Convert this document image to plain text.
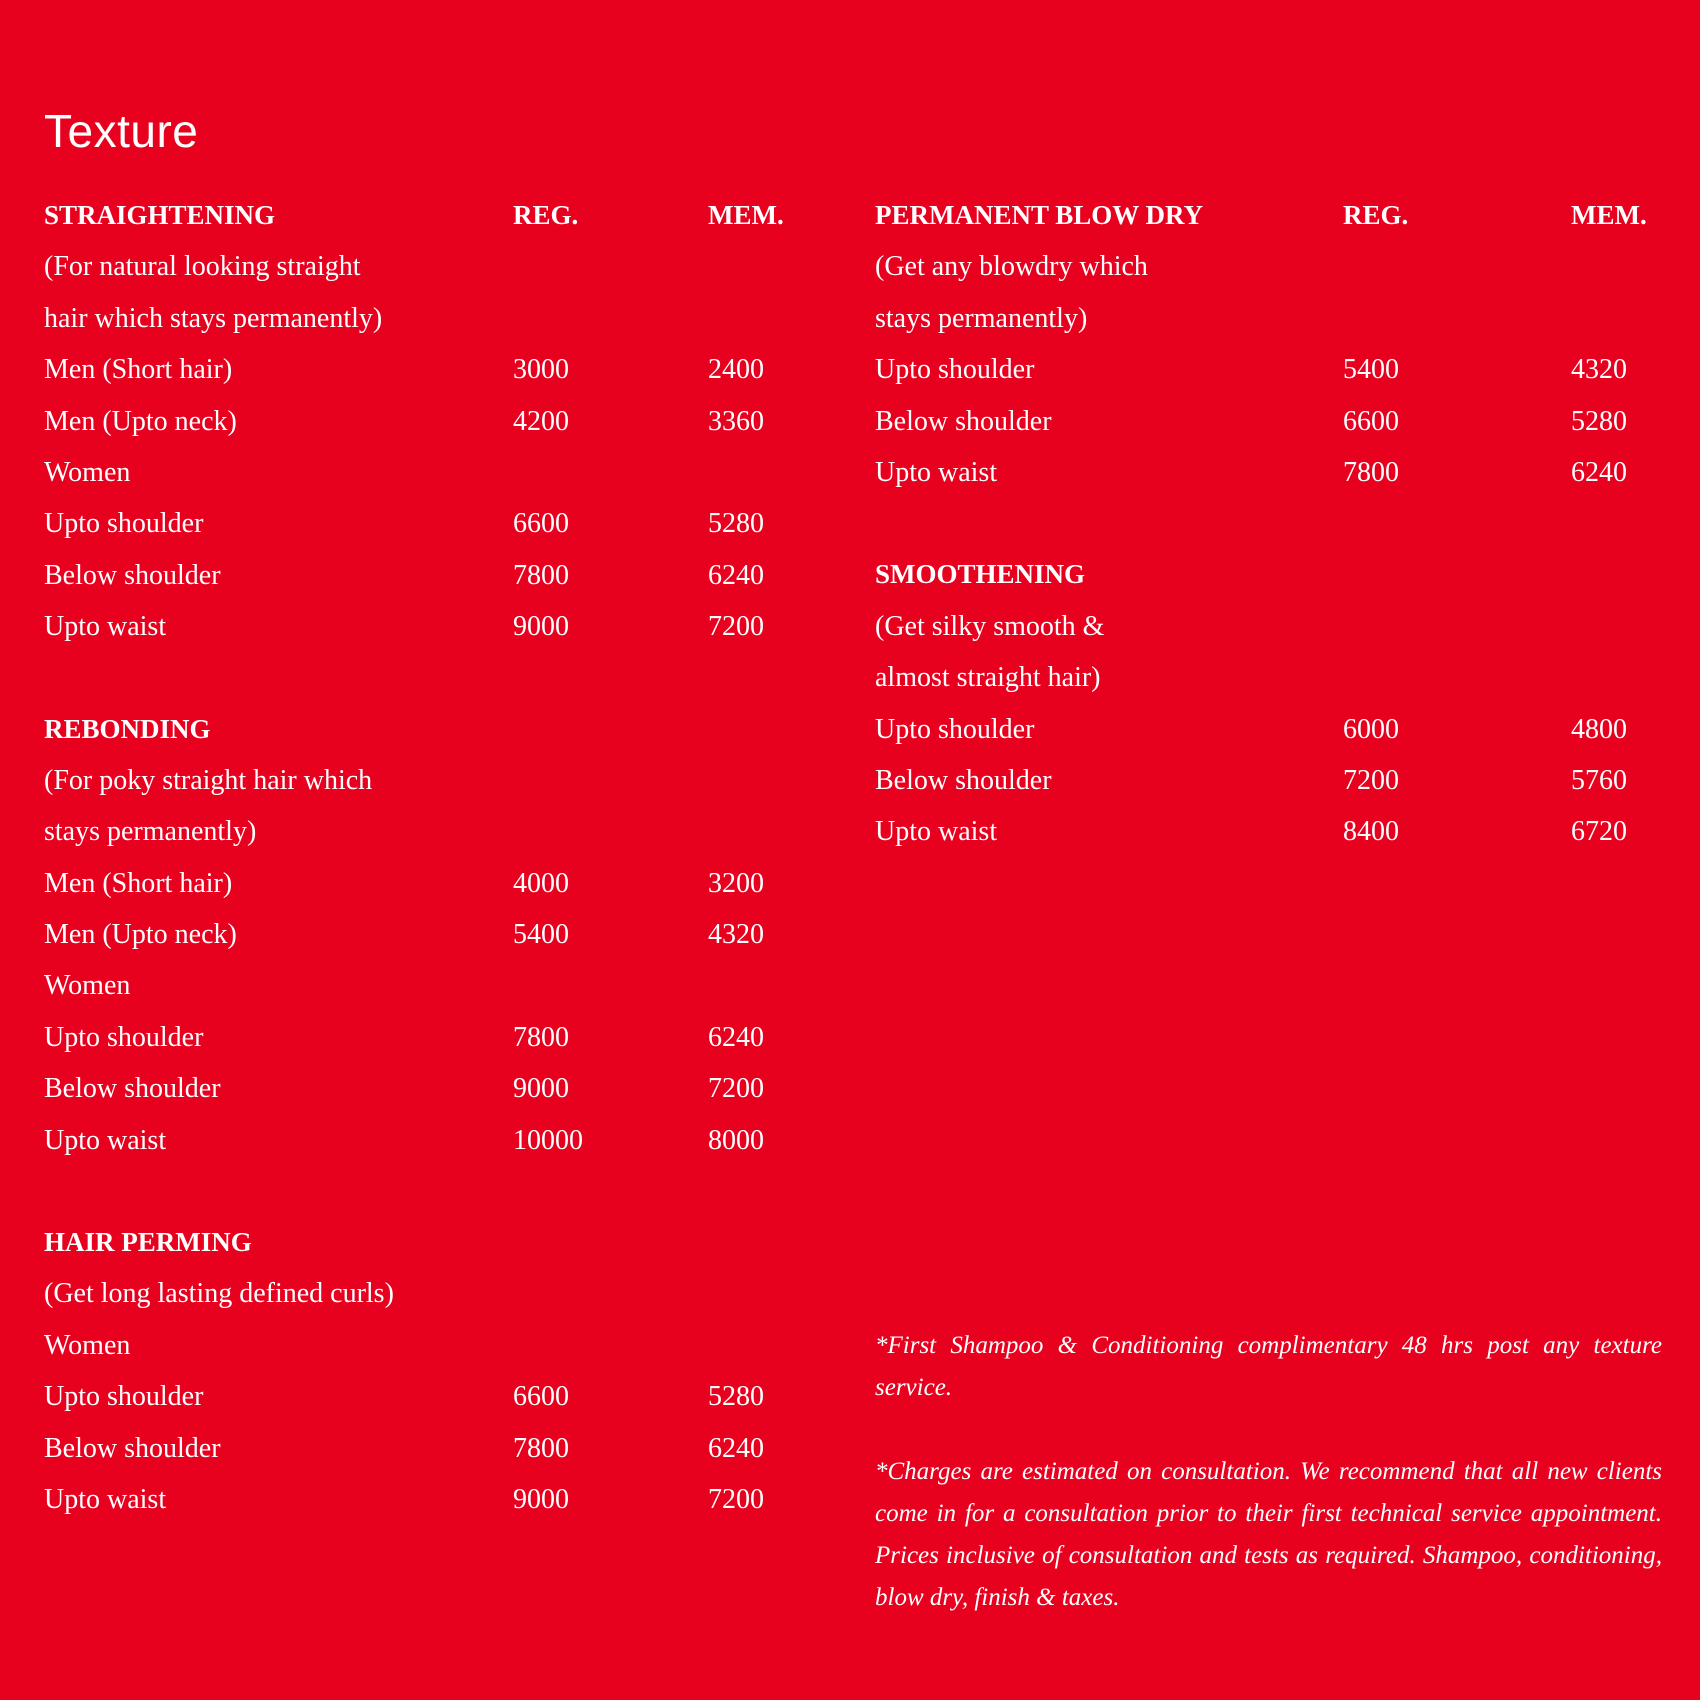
Texture
STRAIGHTENING	REG.	MEM.
(For natural looking straight
hair which stays permanently)
Men (Short hair)	3000	2400
Men (Upto neck)	4200	3360
Women
Upto shoulder	6600	5280
Below shoulder	7800	6240
Upto waist	9000	7200
REBONDING
(For poky straight hair which
stays permanently)
Men (Short hair)	4000	3200
Men (Upto neck)	5400	4320
Women
Upto shoulder	7800	6240
Below shoulder	9000	7200
Upto waist	10000	8000
HAIR PERMING
(Get long lasting defined curls)
Women
Upto shoulder	6600	5280
Below shoulder	7800	6240
Upto waist	9000	7200
PERMANENT BLOW DRY	REG.	MEM.
(Get any blowdry which
stays permanently)
Upto shoulder	5400	4320
Below shoulder	6600	5280
Upto waist	7800	6240
SMOOTHENING
(Get silky smooth &
almost straight hair)
Upto shoulder	6000	4800
Below shoulder	7200	5760
Upto waist	8400	6720

*First Shampoo & Conditioning complimentary 48 hrs post any texture service.

*Charges are estimated on consultation. We recommend that all new clients come in for a consultation prior to their first technical service appointment. Prices inclusive of consultation and tests as required. Shampoo, conditioning, blow dry, finish & taxes.
